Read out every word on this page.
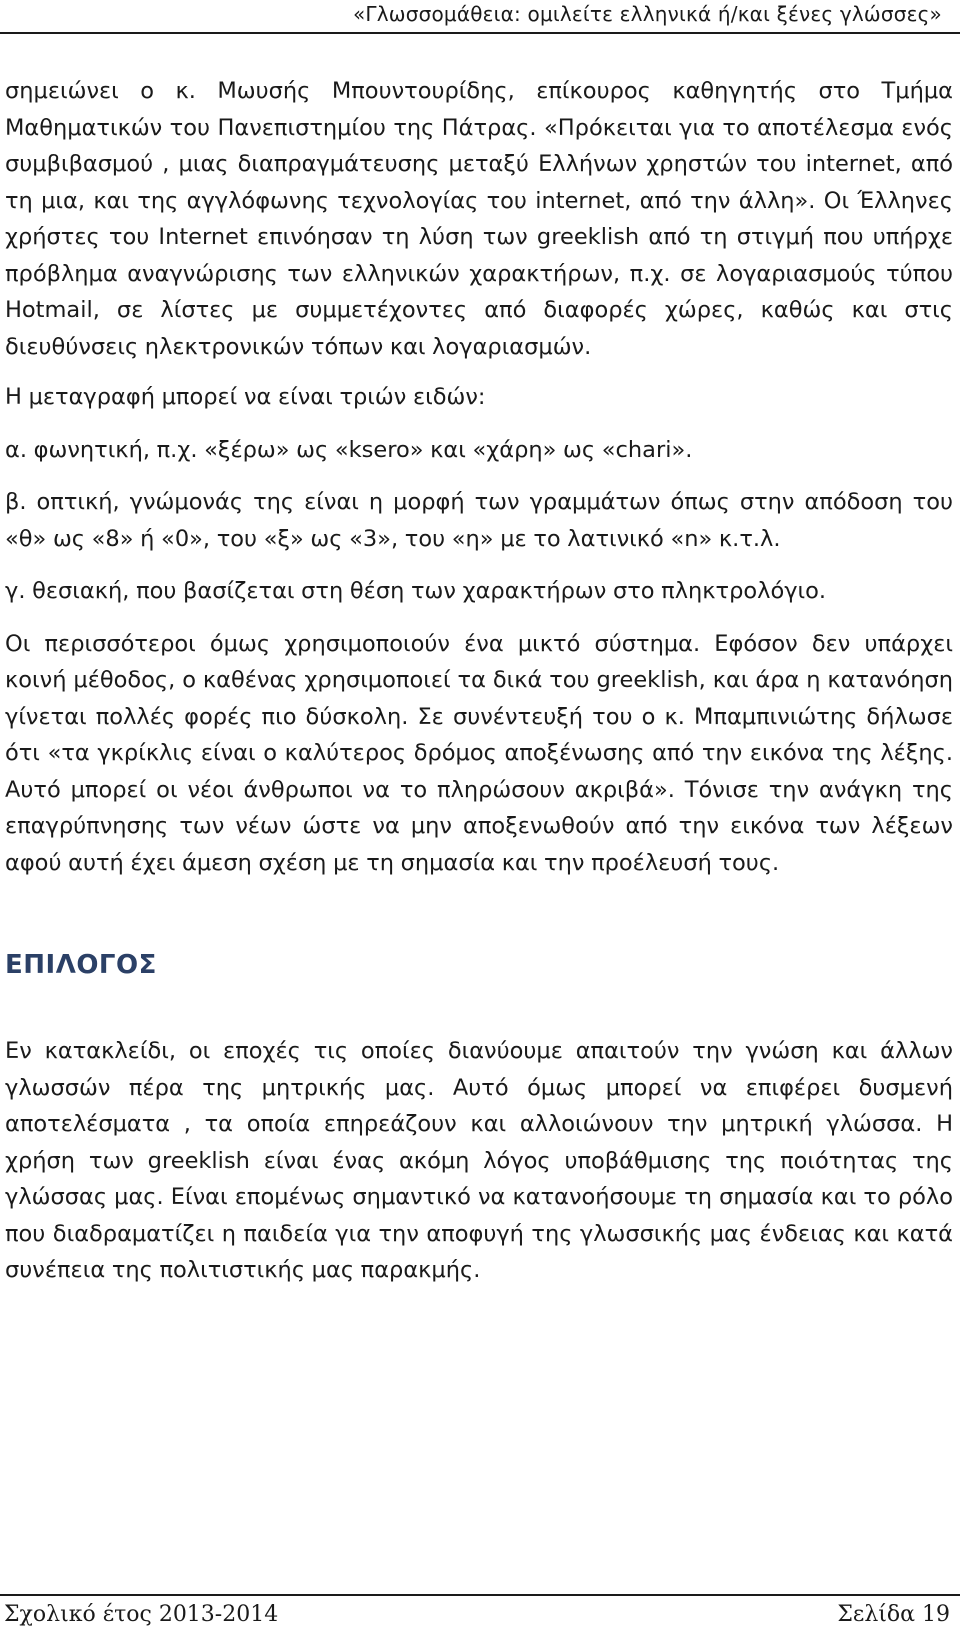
«Γλωσσομάθεια: ομιλείτε ελληνικά ή/και ξένες γλώσσες»

σημειώνει ο κ. Μωυσής Μπουντουρίδης, επίκουρος καθηγητής στο Τμήμα Μαθηματικών του Πανεπιστημίου της Πάτρας. «Πρόκειται για το αποτέλεσμα ενός συμβιβασμού , μιας διαπραγμάτευσης μεταξύ Ελλήνων χρηστών του internet, από τη μια, και της αγγλόφωνης τεχνολογίας του internet, από την άλλη». Οι Έλληνες χρήστες του Internet επινόησαν τη λύση των greeklish από τη στιγμή που υπήρχε πρόβλημα αναγνώρισης των ελληνικών χαρακτήρων, π.χ. σε λογαριασμούς τύπου Hotmail, σε λίστες με συμμετέχοντες από διαφορές χώρες, καθώς και στις διευθύνσεις ηλεκτρονικών τόπων και λογαριασμών.

Η μεταγραφή μπορεί να είναι τριών ειδών:

α. φωνητική, π.χ. «ξέρω» ως «ksero» και «χάρη» ως «chari».

β. οπτική, γνώμονάς της είναι η μορφή των γραμμάτων όπως στην απόδοση του «θ» ως «8» ή «0», του «ξ» ως «3», του «η» με το λατινικό «n» κ.τ.λ.

γ. θεσιακή, που βασίζεται στη θέση των χαρακτήρων στο πληκτρολόγιο.

Οι περισσότεροι όμως χρησιμοποιούν ένα μικτό σύστημα. Εφόσον δεν υπάρχει κοινή μέθοδος, ο καθένας χρησιμοποιεί τα δικά του greeklish, και άρα η κατανόηση γίνεται πολλές φορές πιο δύσκολη. Σε συνέντευξή του ο κ. Μπαμπινιώτης δήλωσε ότι «τα γκρίκλις είναι ο καλύτερος δρόμος αποξένωσης από την εικόνα της λέξης. Αυτό μπορεί οι νέοι άνθρωποι να το πληρώσουν ακριβά». Τόνισε την ανάγκη της επαγρύπνησης των νέων ώστε να μην αποξενωθούν από την εικόνα των λέξεων αφού αυτή έχει άμεση σχέση με τη σημασία και την προέλευσή τους.

ΕΠΙΛΟΓΟΣ

Εν κατακλείδι, οι εποχές τις οποίες διανύουμε απαιτούν την γνώση και άλλων γλωσσών πέρα της μητρικής μας. Αυτό όμως μπορεί να επιφέρει δυσμενή αποτελέσματα , τα οποία επηρεάζουν και αλλοιώνουν την μητρική γλώσσα. Η χρήση των greeklish είναι ένας ακόμη λόγος υποβάθμισης της ποιότητας της γλώσσας μας. Είναι επομένως σημαντικό να κατανοήσουμε τη σημασία και το ρόλο που διαδραματίζει η παιδεία για την αποφυγή της γλωσσικής μας ένδειας και κατά συνέπεια της πολιτιστικής μας παρακμής.

Σχολικό έτος 2013-2014	Σελίδα 19
